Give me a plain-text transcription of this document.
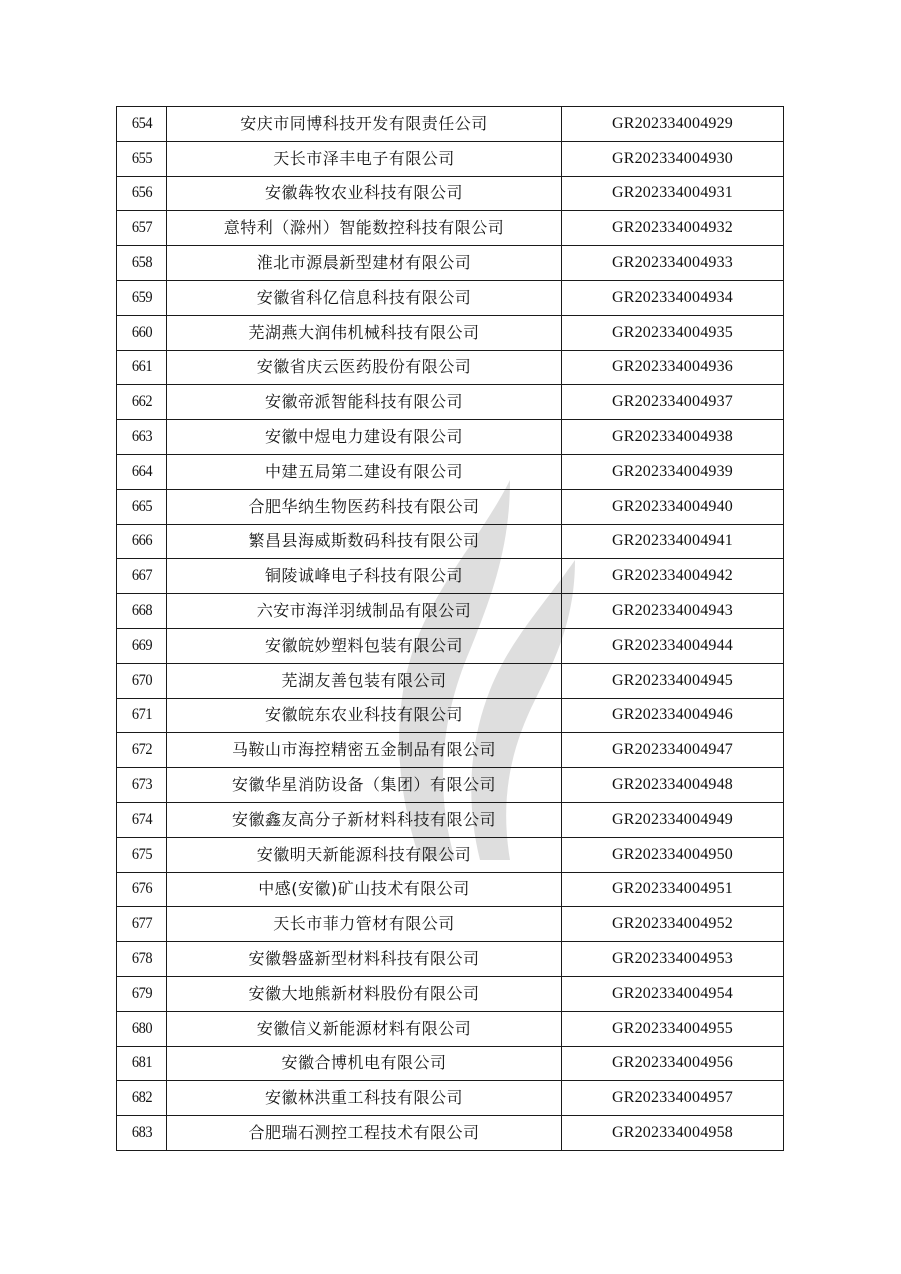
654	安庆市同博科技开发有限责任公司	GR202334004929
655	天长市泽丰电子有限公司	GR202334004930
656	安徽犇牧农业科技有限公司	GR202334004931
657	意特利（滁州）智能数控科技有限公司	GR202334004932
658	淮北市源晨新型建材有限公司	GR202334004933
659	安徽省科亿信息科技有限公司	GR202334004934
660	芜湖燕大润伟机械科技有限公司	GR202334004935
661	安徽省庆云医药股份有限公司	GR202334004936
662	安徽帝派智能科技有限公司	GR202334004937
663	安徽中煜电力建设有限公司	GR202334004938
664	中建五局第二建设有限公司	GR202334004939
665	合肥华纳生物医药科技有限公司	GR202334004940
666	繁昌县海威斯数码科技有限公司	GR202334004941
667	铜陵诚峰电子科技有限公司	GR202334004942
668	六安市海洋羽绒制品有限公司	GR202334004943
669	安徽皖妙塑料包装有限公司	GR202334004944
670	芜湖友善包装有限公司	GR202334004945
671	安徽皖东农业科技有限公司	GR202334004946
672	马鞍山市海控精密五金制品有限公司	GR202334004947
673	安徽华星消防设备（集团）有限公司	GR202334004948
674	安徽鑫友高分子新材料科技有限公司	GR202334004949
675	安徽明天新能源科技有限公司	GR202334004950
676	中感(安徽)矿山技术有限公司	GR202334004951
677	天长市菲力管材有限公司	GR202334004952
678	安徽磐盛新型材料科技有限公司	GR202334004953
679	安徽大地熊新材料股份有限公司	GR202334004954
680	安徽信义新能源材料有限公司	GR202334004955
681	安徽合博机电有限公司	GR202334004956
682	安徽林洪重工科技有限公司	GR202334004957
683	合肥瑞石测控工程技术有限公司	GR202334004958
